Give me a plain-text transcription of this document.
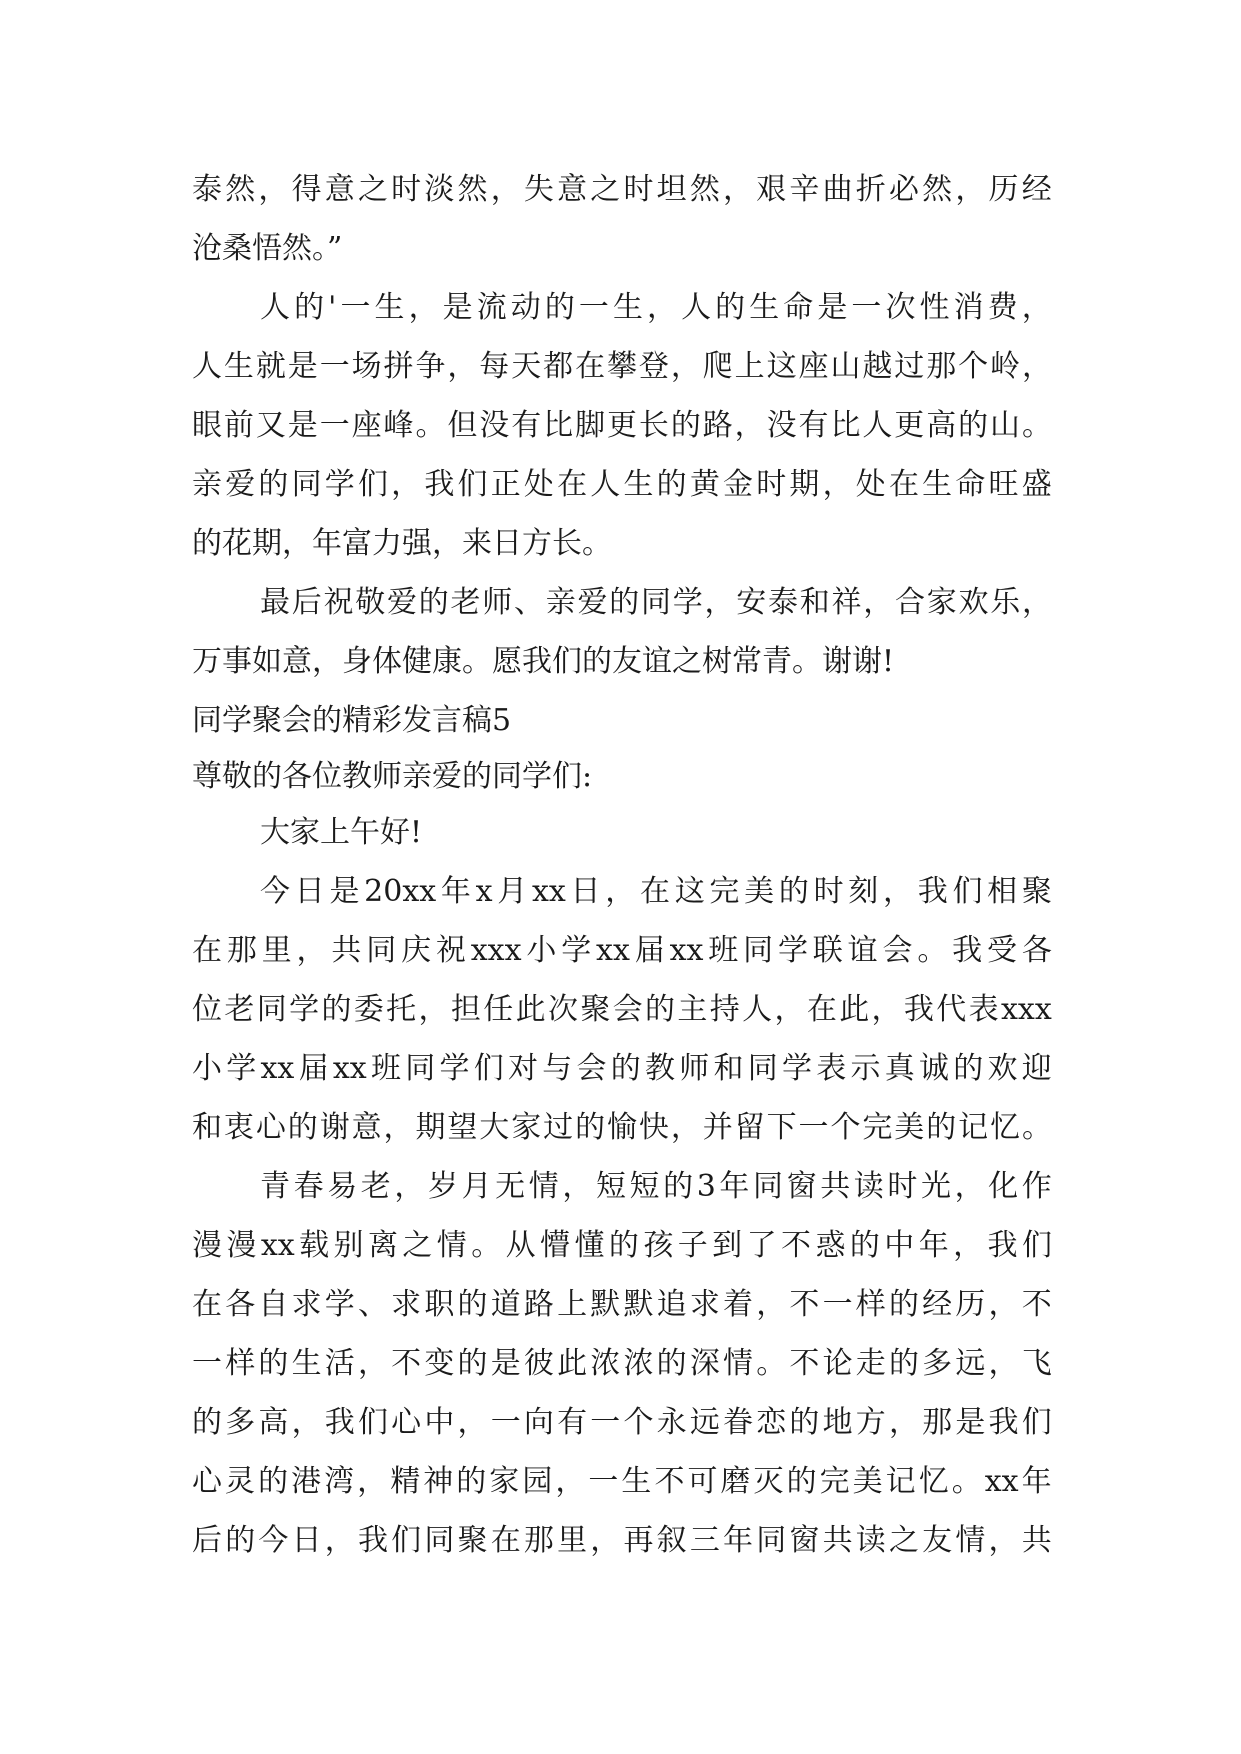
泰 然 ， 得 意 之 时 淡 然 ， 失 意 之 时 坦 然 ， 艰 辛 曲 折 必 然 ， 历 经
沧桑悟然。”
人 的 ' 一 生 ， 是 流 动 的 一 生 ， 人 的 生 命 是 一 次 性 消 费 ，
人 生 就 是 一 场 拼 争 ， 每 天 都 在 攀 登 ， 爬 上 这 座 山 越 过 那 个 岭 ，
眼 前 又 是 一 座 峰 。 但 没 有 比 脚 更 长 的 路 ， 没 有 比 人 更 高 的 山 。
亲 爱 的 同 学 们 ， 我 们 正 处 在 人 生 的 黄 金 时 期 ， 处 在 生 命 旺 盛
的花期，年富力强，来日方长。
最 后 祝 敬 爱 的 老 师 、 亲 爱 的 同 学 ， 安 泰 和 祥 ， 合 家 欢 乐 ，
万事如意，身体健康。愿我们的友谊之树常青。谢谢!
同学聚会的精彩发言稿5
尊敬的各位教师亲爱的同学们:
大家上午好!
今 日 是 20xx 年 x 月 xx 日 ， 在 这 完 美 的 时 刻 ， 我 们 相 聚
在 那 里 ， 共 同 庆 祝 xxx 小 学 xx 届 xx 班 同 学 联 谊 会 。 我 受 各
位 老 同 学 的 委 托 ， 担 任 此 次 聚 会 的 主 持 人 ， 在 此 ， 我 代 表 xxx
小 学 xx 届 xx 班 同 学 们 对 与 会 的 教 师 和 同 学 表 示 真 诚 的 欢 迎
和 衷 心 的 谢 意 ， 期 望 大 家 过 的 愉 快 ， 并 留 下 一 个 完 美 的 记 忆 。
青 春 易 老 ， 岁 月 无 情 ， 短 短 的 3 年 同 窗 共 读 时 光 ， 化 作
漫 漫 xx 载 别 离 之 情 。 从 懵 懂 的 孩 子 到 了 不 惑 的 中 年 ， 我 们
在 各 自 求 学 、 求 职 的 道 路 上 默 默 追 求 着 ， 不 一 样 的 经 历 ， 不
一 样 的 生 活 ， 不 变 的 是 彼 此 浓 浓 的 深 情 。 不 论 走 的 多 远 ， 飞
的 多 高 ， 我 们 心 中 ， 一 向 有 一 个 永 远 眷 恋 的 地 方 ， 那 是 我 们
心 灵 的 港 湾 ， 精 神 的 家 园 ， 一 生 不 可 磨 灭 的 完 美 记 忆 。 xx 年
后 的 今 日 ， 我 们 同 聚 在 那 里 ， 再 叙 三 年 同 窗 共 读 之 友 情 ， 共
